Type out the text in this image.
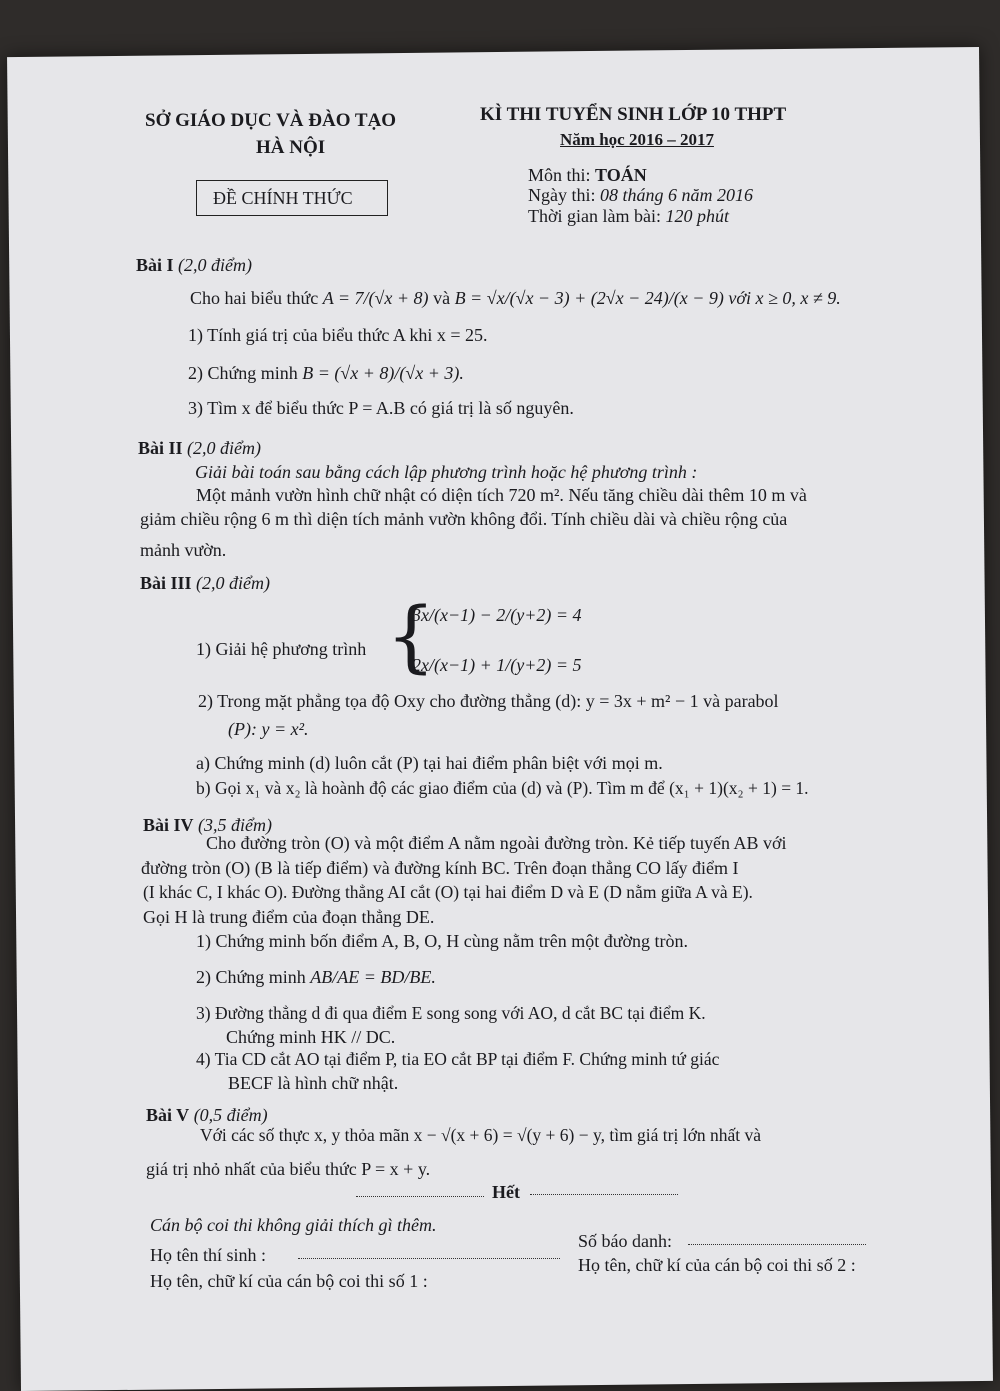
SỞ GIÁO DỤC VÀ ĐÀO TẠO
HÀ NỘI
ĐỀ CHÍNH THỨC
KÌ THI TUYỂN SINH LỚP 10 THPT
Năm học 2016 – 2017
Môn thi: TOÁN
Ngày thi: 08 tháng 6 năm 2016
Thời gian làm bài: 120 phút
Bài I (2,0 điểm)
Cho hai biểu thức A = 7/(√x + 8) và B = √x/(√x − 3) + (2√x − 24)/(x − 9) với x ≥ 0, x ≠ 9.
1) Tính giá trị của biểu thức A khi x = 25.
2) Chứng minh B = (√x + 8)/(√x + 3).
3) Tìm x để biểu thức P = A.B có giá trị là số nguyên.
Bài II (2,0 điểm)
Giải bài toán sau bằng cách lập phương trình hoặc hệ phương trình :
Một mảnh vườn hình chữ nhật có diện tích 720 m². Nếu tăng chiều dài thêm 10 m và
giảm chiều rộng 6 m thì diện tích mảnh vườn không đổi. Tính chiều dài và chiều rộng của
mảnh vườn.
Bài III (2,0 điểm)
1) Giải hệ phương trình {
3x/(x−1) − 2/(y+2) = 4
2x/(x−1) + 1/(y+2) = 5
2) Trong mặt phẳng tọa độ Oxy cho đường thẳng (d): y = 3x + m² − 1 và parabol
(P): y = x².
a) Chứng minh (d) luôn cắt (P) tại hai điểm phân biệt với mọi m.
b) Gọi x₁ và x₂ là hoành độ các giao điểm của (d) và (P). Tìm m để (x₁ + 1)(x₂ + 1) = 1.
Bài IV (3,5 điểm)
Cho đường tròn (O) và một điểm A nằm ngoài đường tròn. Kẻ tiếp tuyến AB với
đường tròn (O) (B là tiếp điểm) và đường kính BC. Trên đoạn thẳng CO lấy điểm I
(I khác C, I khác O). Đường thẳng AI cắt (O) tại hai điểm D và E (D nằm giữa A và E).
Gọi H là trung điểm của đoạn thẳng DE.
1) Chứng minh bốn điểm A, B, O, H cùng nằm trên một đường tròn.
2) Chứng minh AB/AE = BD/BE.
3) Đường thẳng d đi qua điểm E song song với AO, d cắt BC tại điểm K.
Chứng minh HK // DC.
4) Tia CD cắt AO tại điểm P, tia EO cắt BP tại điểm F. Chứng minh tứ giác
BECF là hình chữ nhật.
Bài V (0,5 điểm)
Với các số thực x, y thỏa mãn x − √(x + 6) = √(y + 6) − y, tìm giá trị lớn nhất và
giá trị nhỏ nhất của biểu thức P = x + y.
Hết
Cán bộ coi thi không giải thích gì thêm.
Họ tên thí sinh :
Số báo danh:
Họ tên, chữ kí của cán bộ coi thi số 1 :
Họ tên, chữ kí của cán bộ coi thi số 2 :
